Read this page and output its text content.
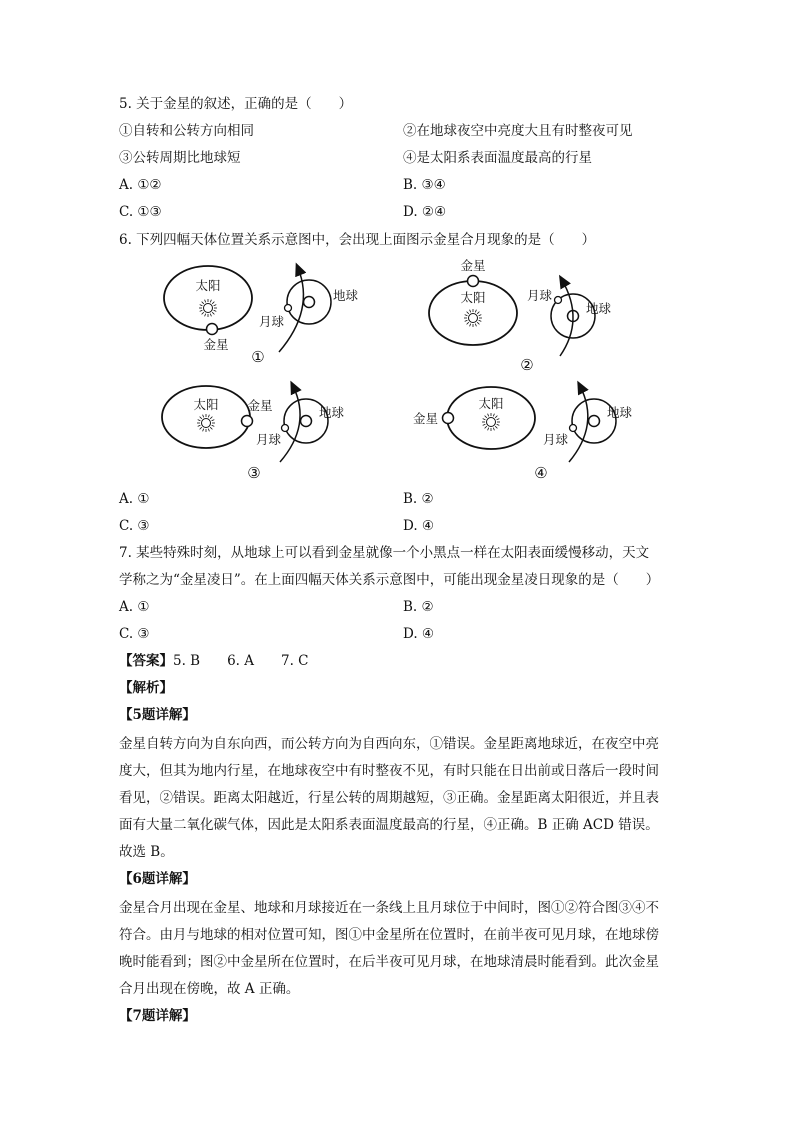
5. 关于金星的叙述，正确的是（　　）
①自转和公转方向相同	②在地球夜空中亮度大且有时整夜可见
③公转周期比地球短	④是太阳系表面温度最高的行星
A. ①②	B. ③④
C. ①③	D. ②④
6. 下列四幅天体位置关系示意图中，会出现上面图示金星合月现象的是（　　）
太阳
金星
地球
月球
①
太阳
金星
月球
地球
②
太阳 金星	地球
月球
③
太阳
金星	地球
月球
④
A. ①	B. ②
C. ③	D. ④
7. 某些特殊时刻，从地球上可以看到金星就像一个小黑点一样在太阳表面缓慢移动，天文
学称之为“金星凌日”。在上面四幅天体关系示意图中，可能出现金星凌日现象的是（　　）
A. ①	B. ②
C. ③	D. ④
【答案】5. B　　6. A　　7. C
【解析】
【5题详解】
金星自转方向为自东向西，而公转方向为自西向东，①错误。金星距离地球近，在夜空中亮
度大，但其为地内行星，在地球夜空中有时整夜不见，有时只能在日出前或日落后一段时间
看见，②错误。距离太阳越近，行星公转的周期越短，③正确。金星距离太阳很近，并且表
面有大量二氧化碳气体，因此是太阳系表面温度最高的行星，④正确。B 正确 ACD 错误。
故选 B。
【6题详解】
金星合月出现在金星、地球和月球接近在一条线上且月球位于中间时，图①②符合图③④不
符合。由月与地球的相对位置可知，图①中金星所在位置时，在前半夜可见月球，在地球傍
晚时能看到；图②中金星所在位置时，在后半夜可见月球，在地球清晨时能看到。此次金星
合月出现在傍晚，故 A 正确。
【7题详解】
